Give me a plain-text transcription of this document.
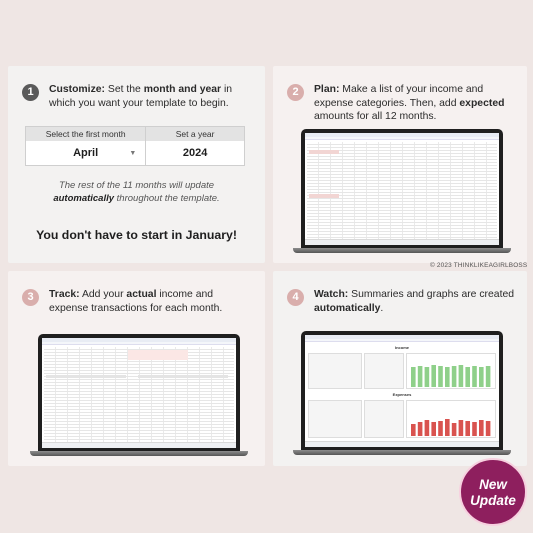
1	Customize: Set the month and year in which you want your template to begin.
Select the first month	Set a year
April	▼	2024
The rest of the 11 months will update automatically throughout the template.
You don't have to start in January!
2	Plan: Make a list of your income and expense categories. Then, add expected amounts for all 12 months.
3	Track: Add your actual income and expense transactions for each month.
4	Watch: Summaries and graphs are created automatically.
Income
Expenses
© 2023 THINKLIKEAGIRLBOSS
New
Update
